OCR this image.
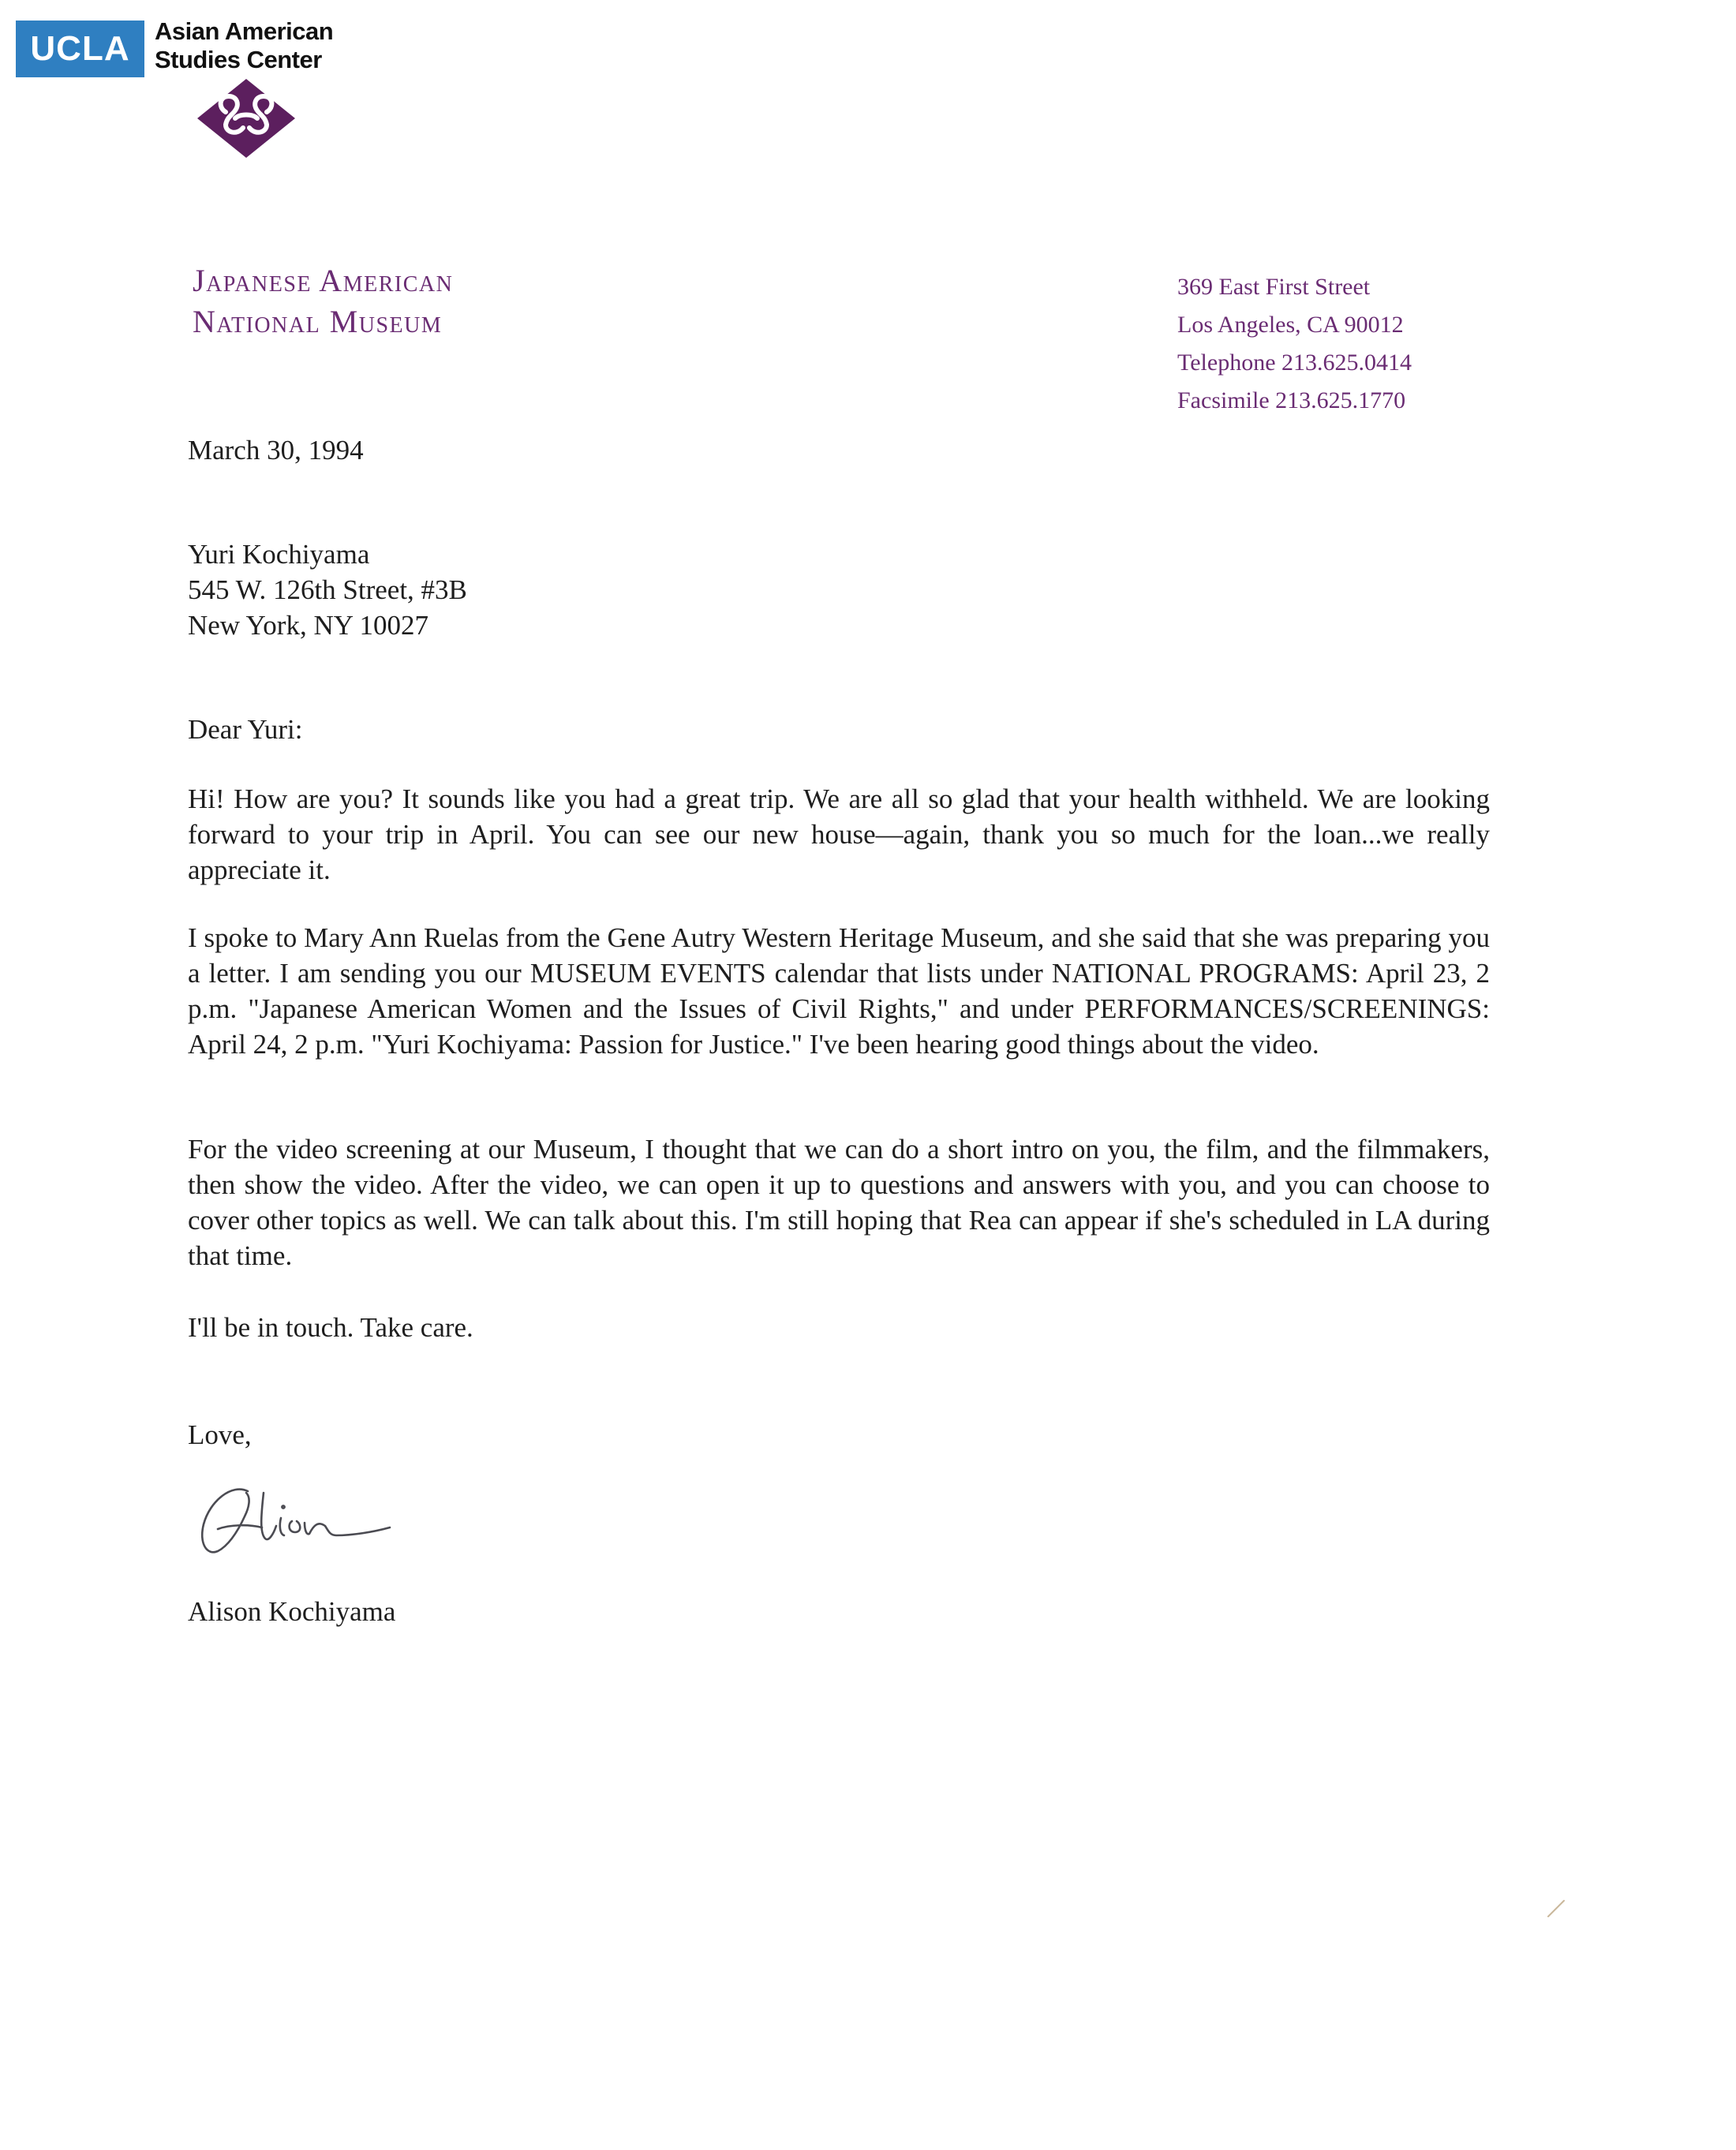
UCLA Asian American
Studies Center
Japanese American
National Museum
369 East First Street
Los Angeles, CA 90012
Telephone 213.625.0414
Facsimile 213.625.1770
March 30, 1994
Yuri Kochiyama
545 W. 126th Street, #3B
New York, NY 10027
Dear Yuri:

Hi! How are you? It sounds like you had a great trip. We are all so glad that your health withheld. We are looking forward to your trip in April. You can see our new house—again, thank you so much for the loan...we really appreciate it.

I spoke to Mary Ann Ruelas from the Gene Autry Western Heritage Museum, and she said that she was preparing you a letter. I am sending you our MUSEUM EVENTS calendar that lists under NATIONAL PROGRAMS: April 23, 2 p.m. "Japanese American Women and the Issues of Civil Rights," and under PERFORMANCES/SCREENINGS: April 24, 2 p.m. "Yuri Kochiyama: Passion for Justice." I've been hearing good things about the video.

For the video screening at our Museum, I thought that we can do a short intro on you, the film, and the filmmakers, then show the video. After the video, we can open it up to questions and answers with you, and you can choose to cover other topics as well. We can talk about this. I'm still hoping that Rea can appear if she's scheduled in LA during that time.

I'll be in touch. Take care.

Love,
Alison Kochiyama
